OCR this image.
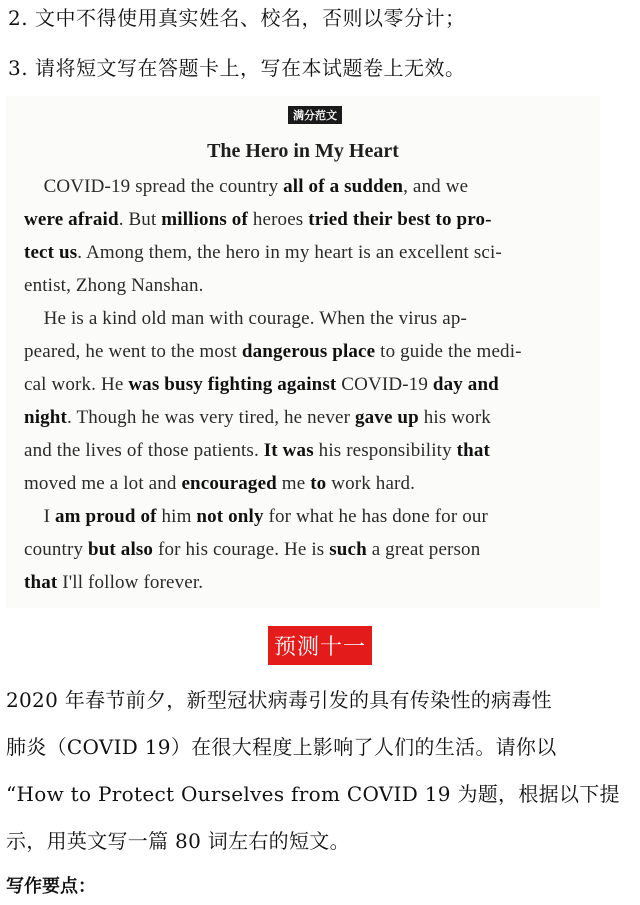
2. 文中不得使用真实姓名、校名，否则以零分计；
3. 请将短文写在答题卡上，写在本试题卷上无效。
满分范文
The Hero in My Heart
COVID-19 spread the country all of a sudden, and we
were afraid. But millions of heroes tried their best to pro-
tect us. Among them, the hero in my heart is an excellent sci-
entist, Zhong Nanshan.
He is a kind old man with courage. When the virus ap-
peared, he went to the most dangerous place to guide the medi-
cal work. He was busy fighting against COVID-19 day and
night. Though he was very tired, he never gave up his work
and the lives of those patients. It was his responsibility that
moved me a lot and encouraged me to work hard.
I am proud of him not only for what he has done for our
country but also for his courage. He is such a great person
that I'll follow forever.
预测十一
2020 年春节前夕，新型冠状病毒引发的具有传染性的病毒性
肺炎（COVID 19）在很大程度上影响了人们的生活。请你以
“How to Protect Ourselves from COVID 19 为题，根据以下提
示，用英文写一篇 80 词左右的短文。
写作要点：
